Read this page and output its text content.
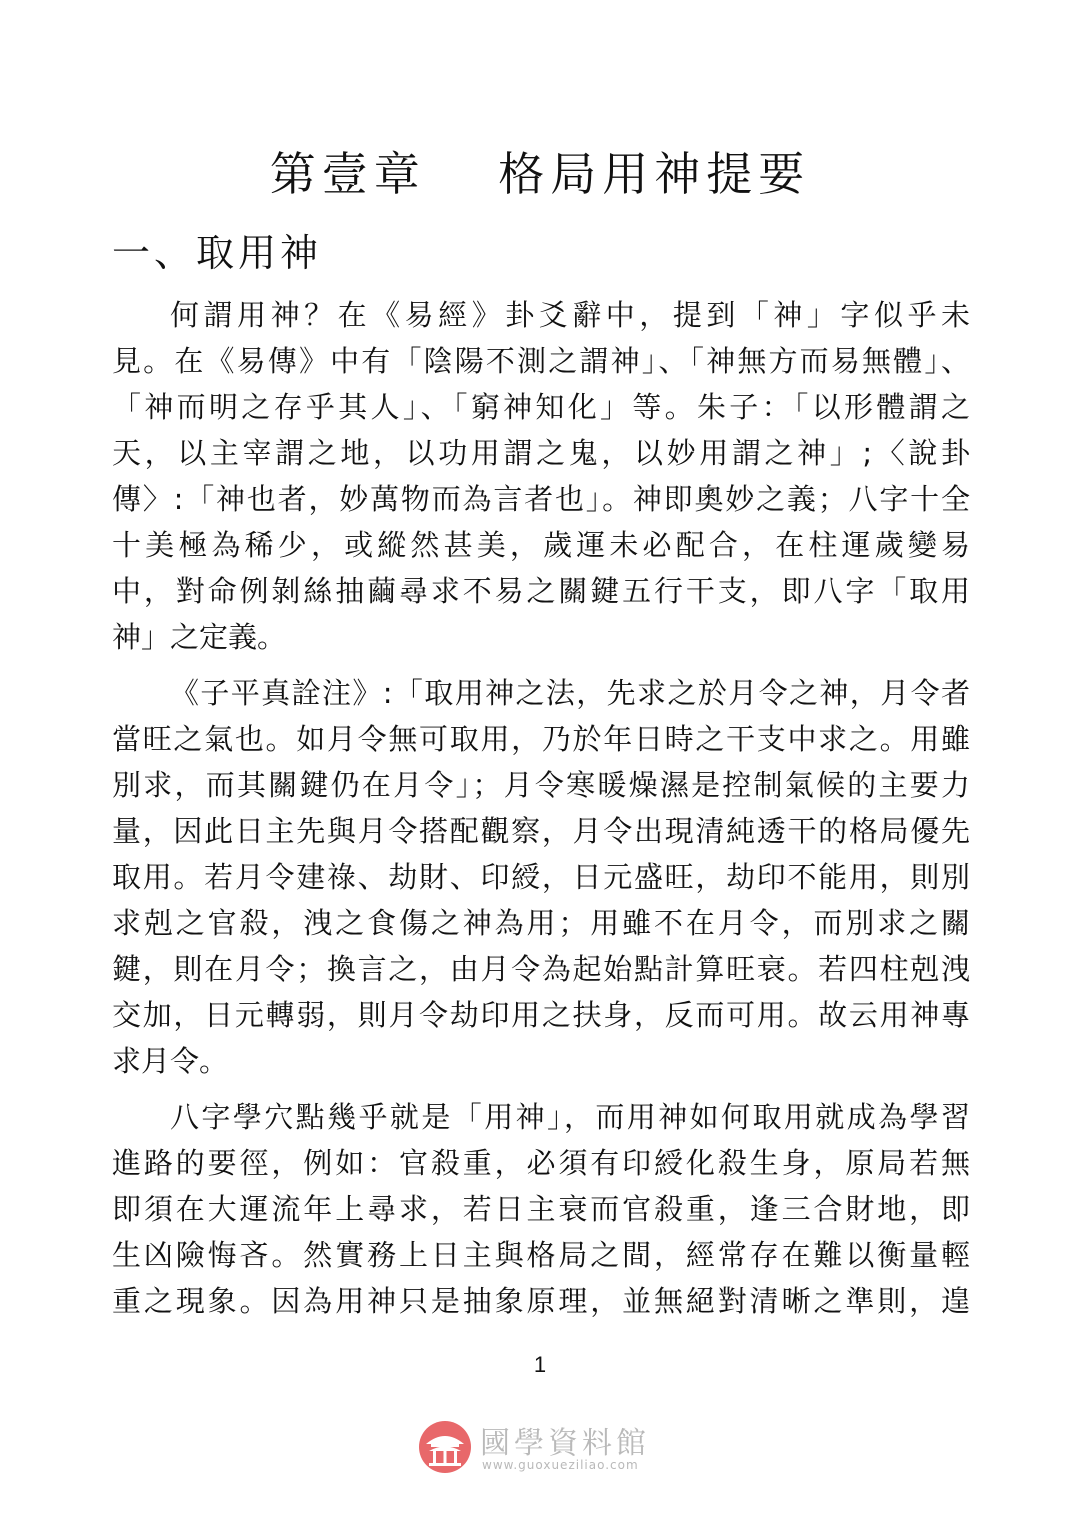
第壹章　 格局用神提要
一、取用神
何謂用神？在《易經》卦爻辭中，提到「神」字似乎未
見。在《易傳》中有「陰陽不測之謂神」、「神無方而易無體」、
「神而明之存乎其人」、「窮神知化」等。朱子：「以形體謂之
天，以主宰謂之地，以功用謂之鬼，以妙用謂之神」;〈說卦
傳〉:「神也者，妙萬物而為言者也」。神即奧妙之義；八字十全
十美極為稀少，或縱然甚美，歲運未必配合，在柱運歲變易
中，對命例剝絲抽繭尋求不易之關鍵五行干支，即八字「取用
神」之定義。
《子平真詮注》:「取用神之法，先求之於月令之神，月令者
當旺之氣也。如月令無可取用，乃於年日時之干支中求之。用雖
別求，而其關鍵仍在月令」；月令寒暖燥濕是控制氣候的主要力
量，因此日主先與月令搭配觀察，月令出現清純透干的格局優先
取用。若月令建祿、劫財、印綬，日元盛旺，劫印不能用，則別
求剋之官殺，洩之食傷之神為用；用雖不在月令，而別求之關
鍵，則在月令；換言之，由月令為起始點計算旺衰。若四柱剋洩
交加，日元轉弱，則月令劫印用之扶身，反而可用。故云用神專
求月令。
八字學穴點幾乎就是「用神」，而用神如何取用就成為學習
進路的要徑，例如：官殺重，必須有印綬化殺生身，原局若無
即須在大運流年上尋求，若日主衰而官殺重，逢三合財地，即
生凶險悔吝。然實務上日主與格局之間，經常存在難以衡量輕
重之現象。因為用神只是抽象原理，並無絕對清晰之準則，遑
1
國學資料館
www.guoxueziliao.com
